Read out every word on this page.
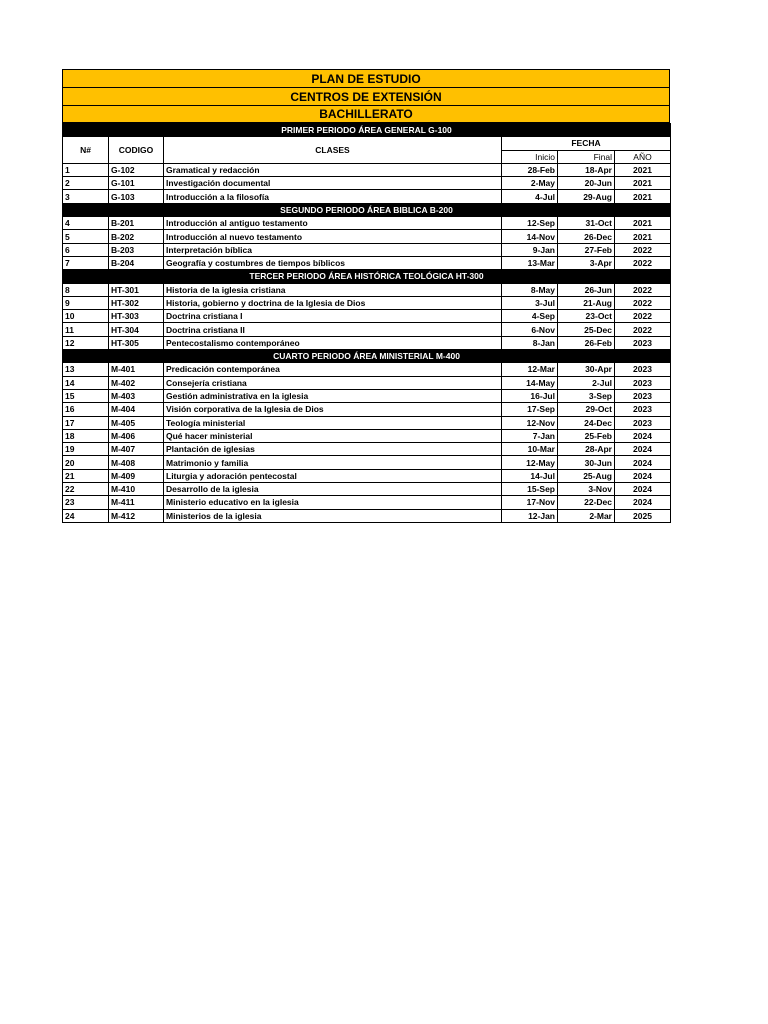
PLAN DE ESTUDIO
CENTROS DE EXTENSIÓN
BACHILLERATO
PRIMER PERIODO ÁREA GENERAL G-100					
N#	CODIGO	CLASES	FECHA		
			Inicio	Final	AÑO
1	G-102	Gramatical y redacción	28-Feb	18-Apr	2021
2	G-101	Investigación documental	2-May	20-Jun	2021
3	G-103	Introducción a la filosofía	4-Jul	29-Aug	2021
SEGUNDO PERIODO ÁREA BIBLICA B-200					
4	B-201	Introducción al antiguo testamento	12-Sep	31-Oct	2021
5	B-202	Introducción al nuevo testamento	14-Nov	26-Dec	2021
6	B-203	Interpretación bíblica	9-Jan	27-Feb	2022
7	B-204	Geografía y costumbres de tiempos bíblicos	13-Mar	3-Apr	2022
TERCER PERIODO ÁREA HISTÓRICA TEOLÓGICA HT-300					
8	HT-301	Historia de la iglesia cristiana	8-May	26-Jun	2022
9	HT-302	Historia, gobierno y doctrina de la Iglesia de Dios	3-Jul	21-Aug	2022
10	HT-303	Doctrina cristiana I	4-Sep	23-Oct	2022
11	HT-304	Doctrina cristiana II	6-Nov	25-Dec	2022
12	HT-305	Pentecostalismo contemporáneo	8-Jan	26-Feb	2023
CUARTO PERIODO ÁREA MINISTERIAL M-400					
13	M-401	Predicación contemporánea	12-Mar	30-Apr	2023
14	M-402	Consejería cristiana	14-May	2-Jul	2023
15	M-403	Gestión administrativa en la iglesia	16-Jul	3-Sep	2023
16	M-404	Visión corporativa de la Iglesia de Dios	17-Sep	29-Oct	2023
17	M-405	Teología ministerial	12-Nov	24-Dec	2023
18	M-406	Qué hacer ministerial	7-Jan	25-Feb	2024
19	M-407	Plantación de iglesias	10-Mar	28-Apr	2024
20	M-408	Matrimonio y familia	12-May	30-Jun	2024
21	M-409	Liturgia y adoración pentecostal	14-Jul	25-Aug	2024
22	M-410	Desarrollo de la iglesia	15-Sep	3-Nov	2024
23	M-411	Ministerio educativo en la iglesia	17-Nov	22-Dec	2024
24	M-412	Ministerios de la iglesia	12-Jan	2-Mar	2025
